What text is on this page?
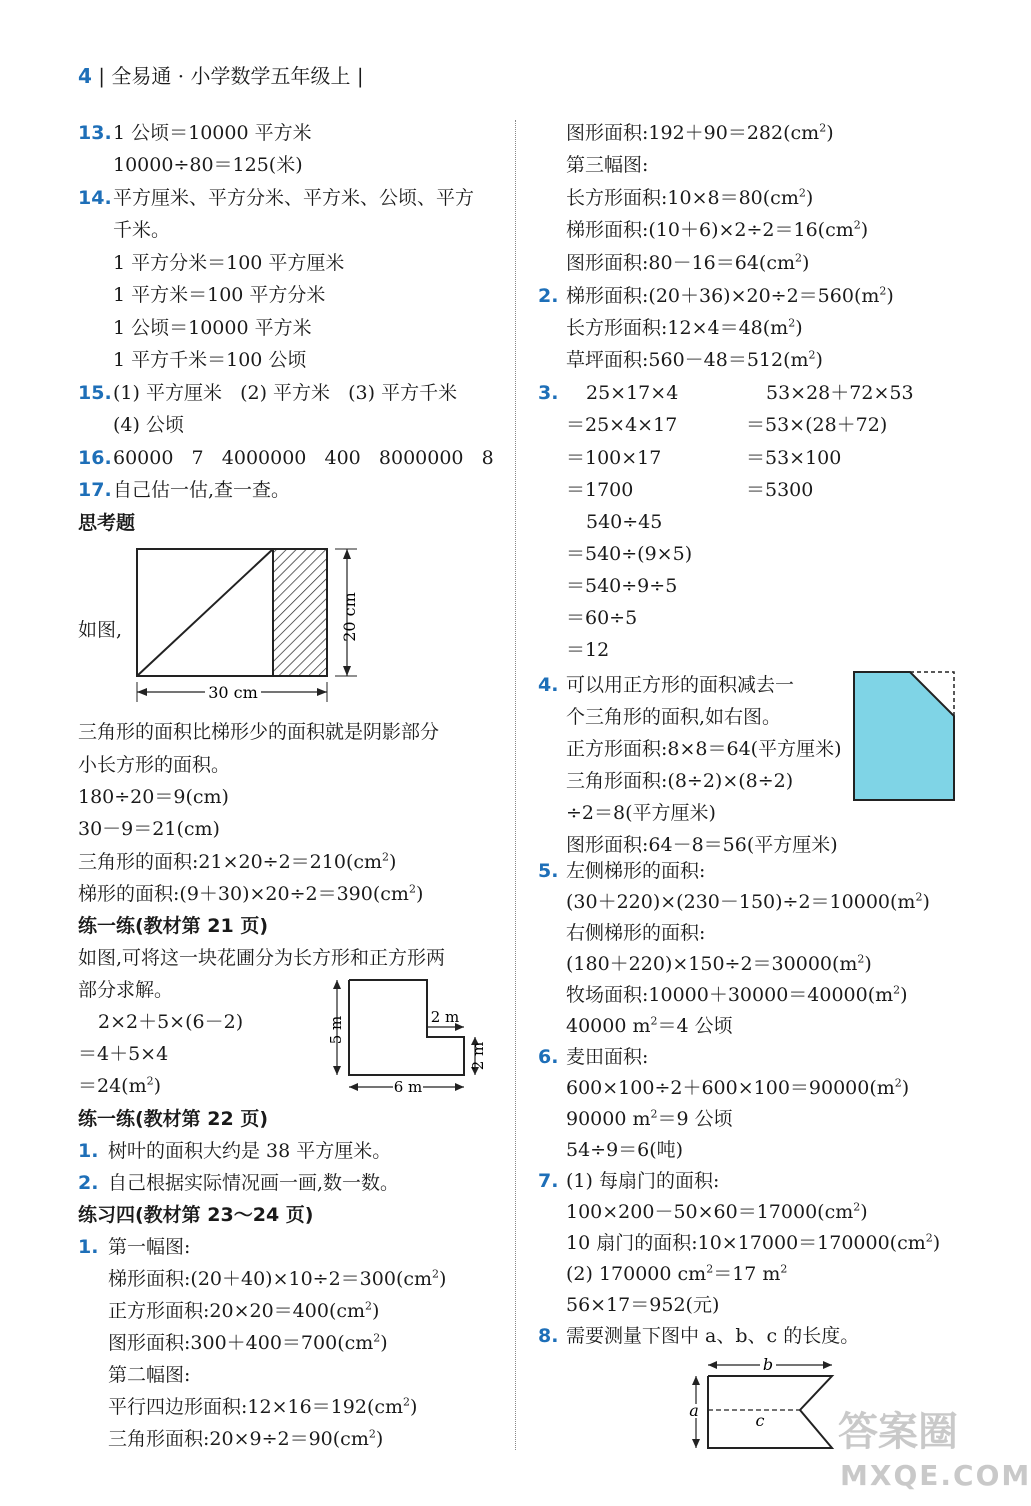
4 | 全易通 · 小学数学五年级上 |
13. 1 公顷＝10000 平方米
10000÷80＝125(米)
14. 平方厘米、平方分米、平方米、公顷、平方
千米。
1 平方分米＝100 平方厘米
1 平方米＝100 平方分米
1 公顷＝10000 平方米
1 平方千米＝100 公顷
15. (1) 平方厘米   (2) 平方米   (3) 平方千米
(4) 公顷
16. 60000   7   4000000   400   8000000   8
17. 自己估一估,查一查。
思考题
如图,	20 cm
30 cm
三角形的面积比梯形少的面积就是阴影部分
小长方形的面积。
180÷20＝9(cm)
30－9＝21(cm)
三角形的面积$:21\times 20\div 2=210(cm^2)$
梯形的面积$:(9+30)\times 20\div 2=390(cm^2)$
练一练(教材第 21 页)
如图,可将这一块花圃分为长方形和正方形两
部分求解。
2×2＋5×(6－2)
＝4＋5×4
$=24(m^2)$
5 m	2 m
2 m
6 m
练一练(教材第 22 页)
1. 树叶的面积大约是 38 平方厘米。
2. 自己根据实际情况画一画,数一数。
练习四(教材第 23～24 页)
1. 第一幅图:
梯形面积$:(20+40)\times 10\div 2=300(cm^2)$
正方形面积$:20\times 20=400(cm^2)$
图形面积$:300+400=700(cm^2)$
第二幅图:
平行四边形面积$:12\times 16=192(cm^2)$
三角形面积$:20\times 9\div 2=90(cm^2)$
图形面积$:192+90=282(cm^2)$
第三幅图:
长方形面积$:10\times 8=80(cm^2)$
梯形面积$:(10+6)\times 2\div 2=16(cm^2)$
图形面积$:80-16=64(cm^2)$
2. 梯形面积$:(20+36)\times 20\div 2=560(m^2)$
长方形面积$:12\times 4=48(m^2)$
草坪面积$:560-48=512(m^2)$
3. 25×17×4
＝25×4×17
＝100×17
＝1700
53×28＋72×53
＝53×(28＋72)
＝53×100
＝5300
540÷45
＝540÷(9×5)
＝540÷9÷5
＝60÷5
＝12
4. 可以用正方形的面积减去一
个三角形的面积,如右图。
正方形面积:8×8＝64(平方厘米)
三角形面积:(8÷2)×(8÷2)
÷2＝8(平方厘米)
图形面积:64－8＝56(平方厘米)
5. 左侧梯形的面积:
$(30+220)\times(230-150)\div 2=10000(m^2)$
右侧梯形的面积:
$(180+220)\times 150\div 2=30000(m^2)$
牧场面积$:10000+30000=40000(m^2)$
40000 $m^2=4$ 公顷
6. 麦田面积:
$600\times 100\div 2+600\times 100=90000(m^2)$
90000 $m^2=9$ 公顷
54÷9＝6(吨)
7. (1) 每扇门的面积:
$100\times 200-50\times 60=17000(cm^2)$
10 扇门的面积$:10\times 17000=170000(cm^2)$
(2) 170000 $cm^2=17$ $m^2$
56×17＝952(元)
8. 需要测量下图中 a、b、c 的长度。
b
a
c 答案圈
MXQE.COM
